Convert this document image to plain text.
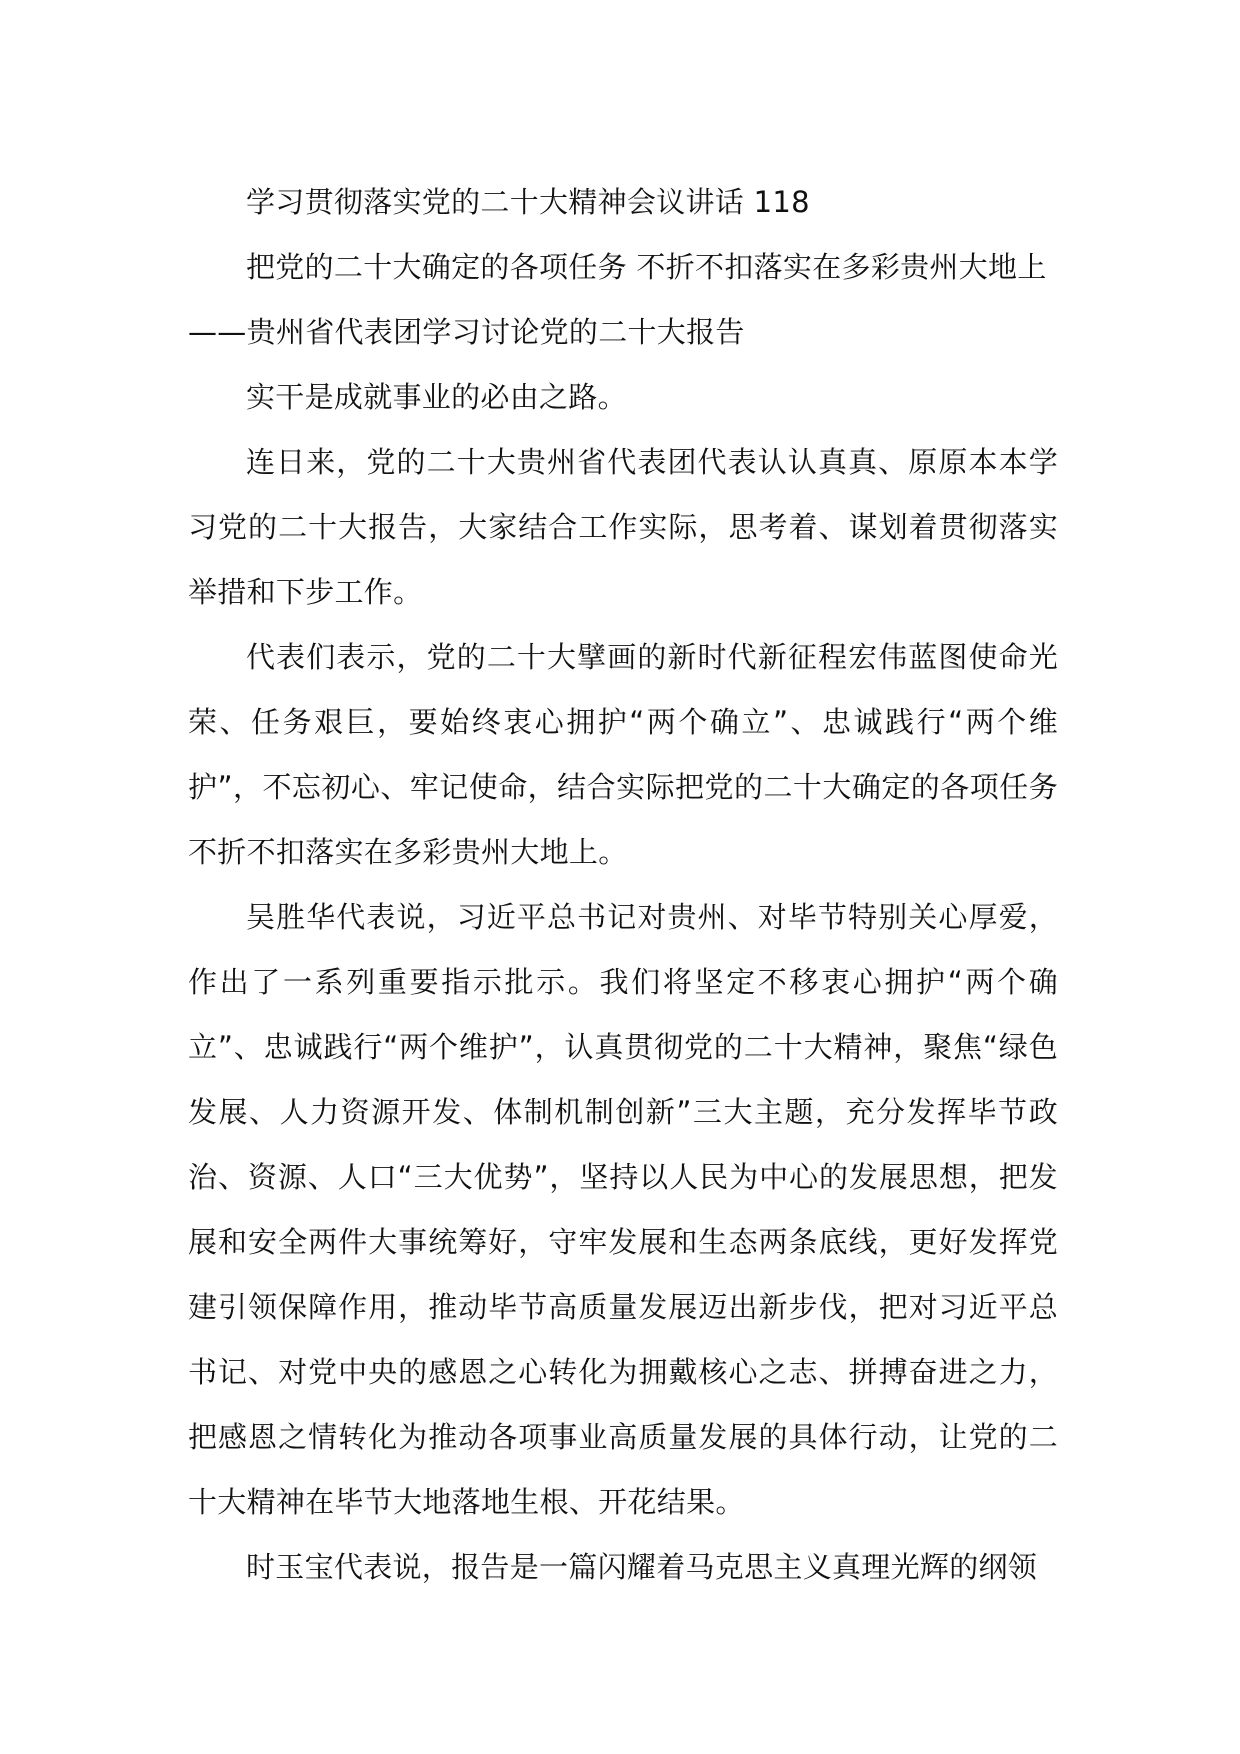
学习贯彻落实党的二十大精神会议讲话 118

把党的二十大确定的各项任务 不折不扣落实在多彩贵州大地上

——贵州省代表团学习讨论党的二十大报告

实干是成就事业的必由之路。

连日来，党的二十大贵州省代表团代表认认真真、原原本本学习党的二十大报告，大家结合工作实际，思考着、谋划着贯彻落实举措和下步工作。

代表们表示，党的二十大擘画的新时代新征程宏伟蓝图使命光荣、任务艰巨，要始终衷心拥护“两个确立”、忠诚践行“两个维护”，不忘初心、牢记使命，结合实际把党的二十大确定的各项任务不折不扣落实在多彩贵州大地上。

吴胜华代表说，习近平总书记对贵州、对毕节特别关心厚爱，作出了一系列重要指示批示。我们将坚定不移衷心拥护“两个确立”、忠诚践行“两个维护”，认真贯彻党的二十大精神，聚焦“绿色发展、人力资源开发、体制机制创新”三大主题，充分发挥毕节政治、资源、人口“三大优势”，坚持以人民为中心的发展思想，把发展和安全两件大事统筹好，守牢发展和生态两条底线，更好发挥党建引领保障作用，推动毕节高质量发展迈出新步伐，把对习近平总书记、对党中央的感恩之心转化为拥戴核心之志、拼搏奋进之力，把感恩之情转化为推动各项事业高质量发展的具体行动，让党的二十大精神在毕节大地落地生根、开花结果。

时玉宝代表说，报告是一篇闪耀着马克思主义真理光辉的纲领
